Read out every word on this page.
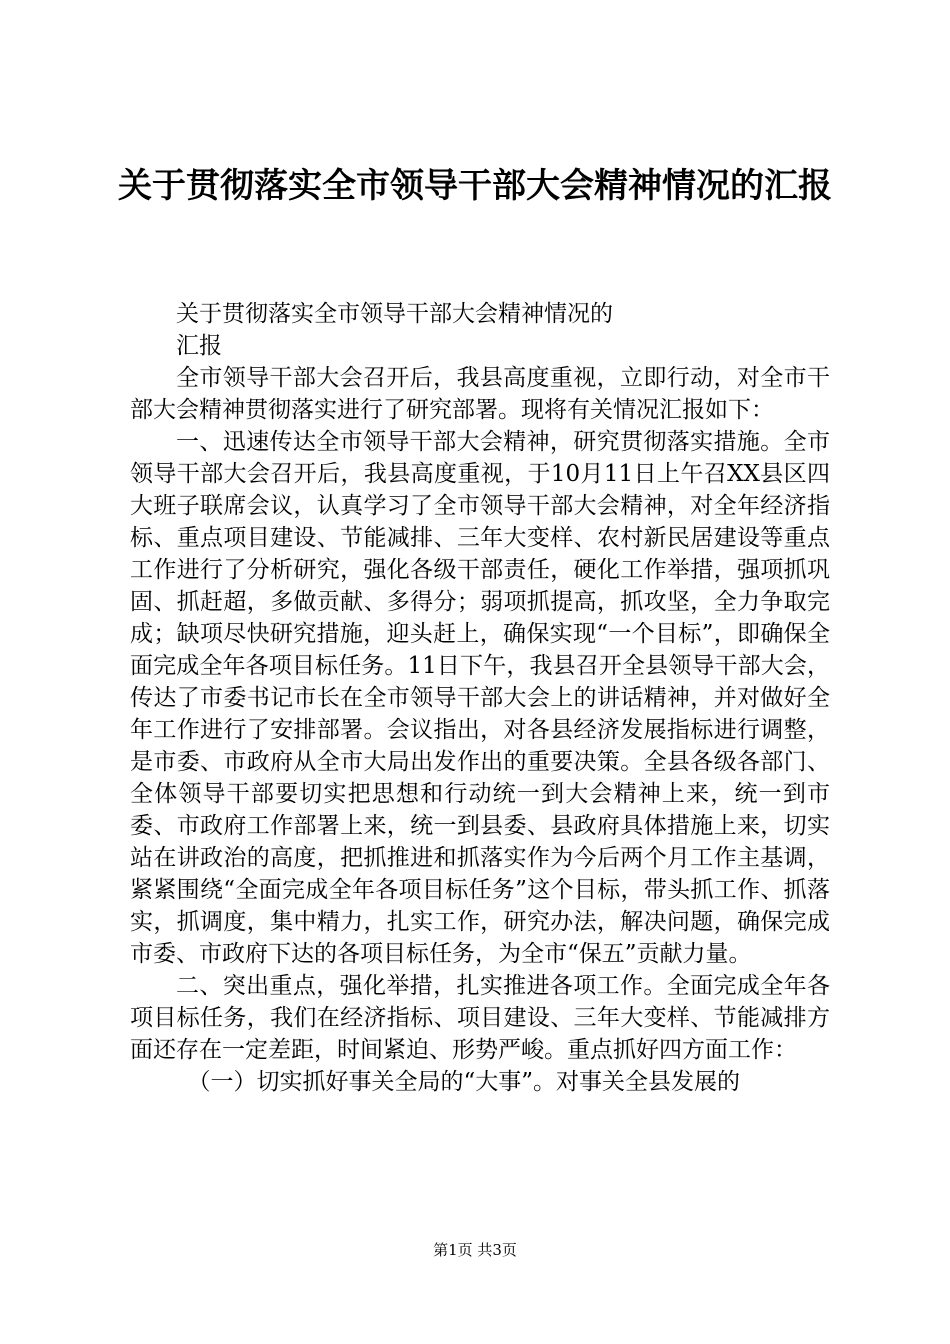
关于贯彻落实全市领导干部大会精神情况的汇报

关于贯彻落实全市领导干部大会精神情况的

汇报

全市领导干部大会召开后，我县高度重视，立即行动，对全市干部大会精神贯彻落实进行了研究部署。现将有关情况汇报如下：

一、迅速传达全市领导干部大会精神，研究贯彻落实措施。全市领导干部大会召开后，我县高度重视，于10月11日上午召XX县区四大班子联席会议，认真学习了全市领导干部大会精神，对全年经济指标、重点项目建设、节能减排、三年大变样、农村新民居建设等重点工作进行了分析研究，强化各级干部责任，硬化工作举措，强项抓巩固、抓赶超，多做贡献、多得分；弱项抓提高，抓攻坚，全力争取完成；缺项尽快研究措施，迎头赶上，确保实现“一个目标”，即确保全面完成全年各项目标任务。11日下午，我县召开全县领导干部大会，传达了市委书记市长在全市领导干部大会上的讲话精神，并对做好全年工作进行了安排部署。会议指出，对各县经济发展指标进行调整，是市委、市政府从全市大局出发作出的重要决策。全县各级各部门、全体领导干部要切实把思想和行动统一到大会精神上来，统一到市委、市政府工作部署上来，统一到县委、县政府具体措施上来，切实站在讲政治的高度，把抓推进和抓落实作为今后两个月工作主基调，紧紧围绕“全面完成全年各项目标任务”这个目标，带头抓工作、抓落实，抓调度，集中精力，扎实工作，研究办法，解决问题，确保完成市委、市政府下达的各项目标任务，为全市“保五”贡献力量。

二、突出重点，强化举措，扎实推进各项工作。全面完成全年各项目标任务，我们在经济指标、项目建设、三年大变样、节能减排方面还存在一定差距，时间紧迫、形势严峻。重点抓好四方面工作：

（一）切实抓好事关全局的“大事”。对事关全县发展的

第1页 共3页
